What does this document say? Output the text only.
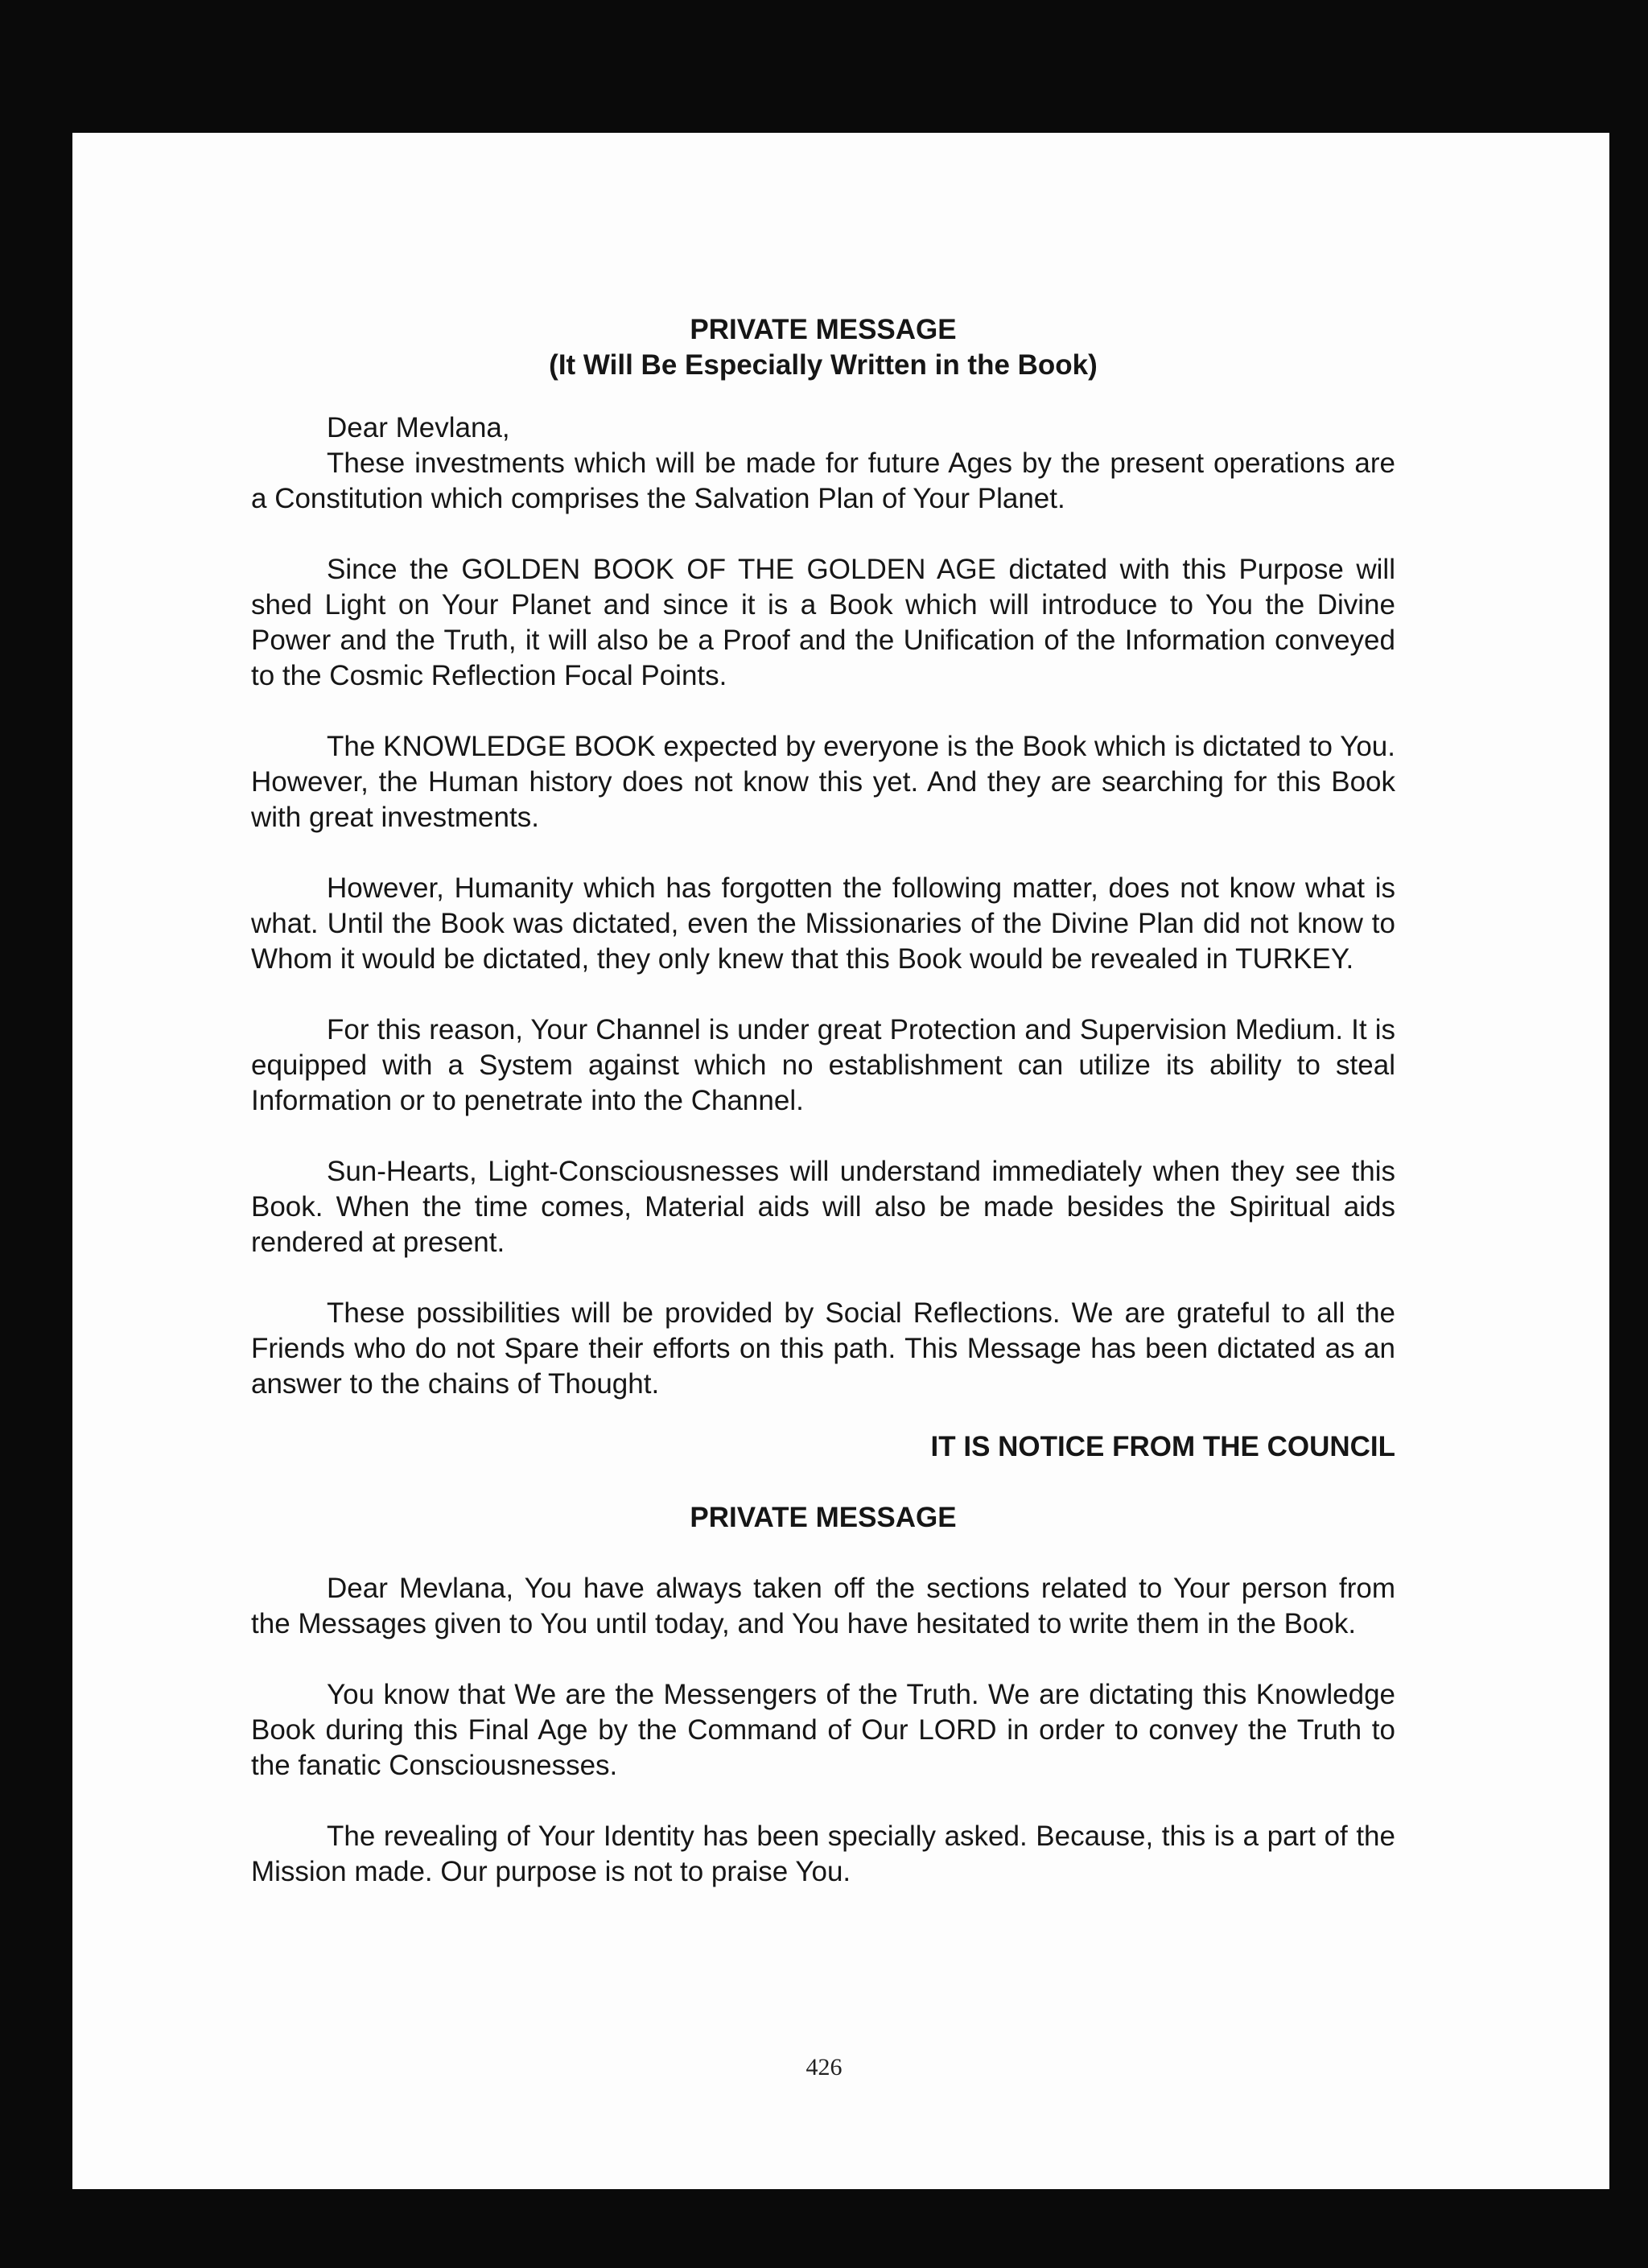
PRIVATE MESSAGE
(It Will Be Especially Written in the Book)
Dear Mevlana,

These investments which will be made for future Ages by the present operations are a Constitution which comprises the Salvation Plan of Your Planet.

Since the GOLDEN BOOK OF THE GOLDEN AGE dictated with this Purpose will shed Light on Your Planet and since it is a Book which will introduce to You the Divine Power and the Truth, it will also be a Proof and the Unification of the Information conveyed to the Cosmic Reflection Focal Points.

The KNOWLEDGE BOOK expected by everyone is the Book which is dictated to You. However, the Human history does not know this yet. And they are searching for this Book with great investments.

However, Humanity which has forgotten the following matter, does not know what is what. Until the Book was dictated, even the Missionaries of the Divine Plan did not know to Whom it would be dictated, they only knew that this Book would be revealed in TURKEY.

For this reason, Your Channel is under great Protection and Supervision Medium. It is equipped with a System against which no establishment can utilize its ability to steal Information or to penetrate into the Channel.

Sun-Hearts, Light-Consciousnesses will understand immediately when they see this Book. When the time comes, Material aids will also be made besides the Spiritual aids rendered at present.

These possibilities will be provided by Social Reflections. We are grateful to all the Friends who do not Spare their efforts on this path. This Message has been dictated as an answer to the chains of Thought.

IT IS NOTICE FROM THE COUNCIL
PRIVATE MESSAGE

Dear Mevlana, You have always taken off the sections related to Your person from the Messages given to You until today, and You have hesitated to write them in the Book.

You know that We are the Messengers of the Truth. We are dictating this Knowledge Book during this Final Age by the Command of Our LORD in order to convey the Truth to the fanatic Consciousnesses.

The revealing of Your Identity has been specially asked. Because, this is a part of the Mission made. Our purpose is not to praise You.

426
